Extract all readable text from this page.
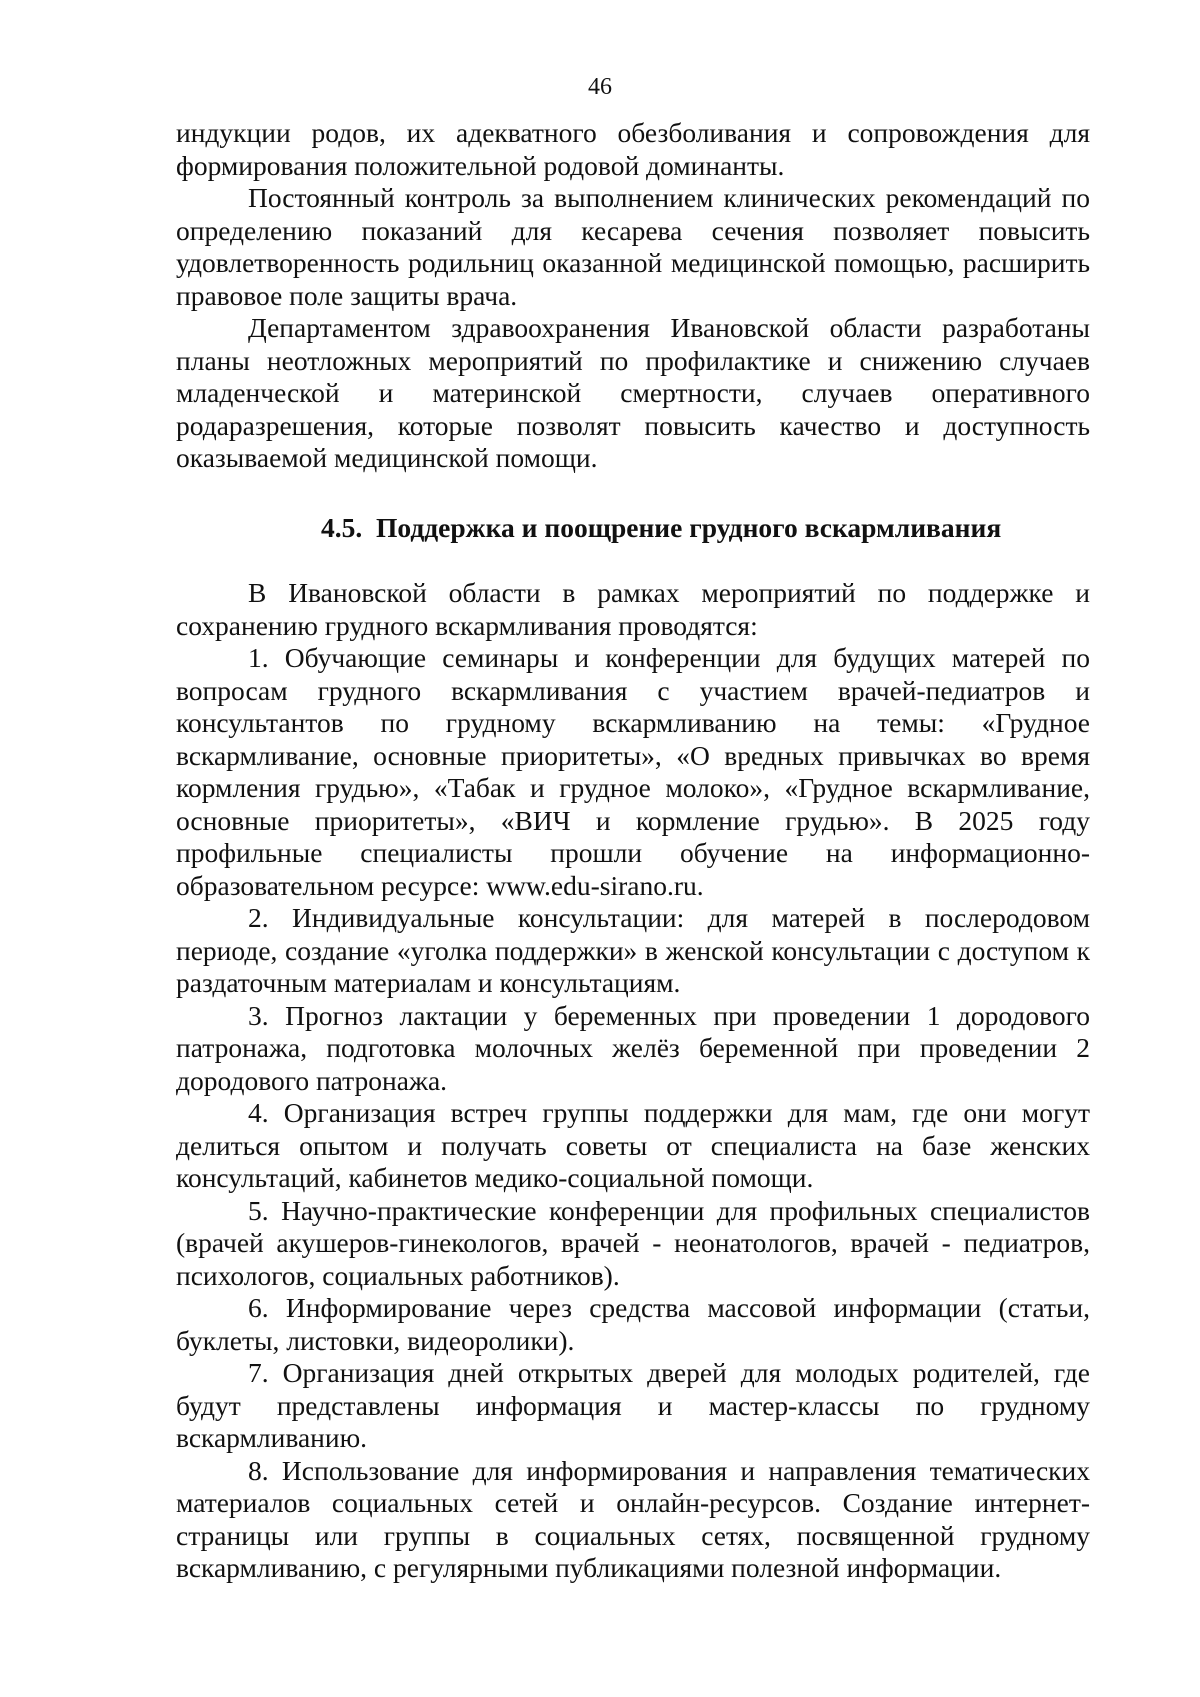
46

индукции родов, их адекватного обезболивания и сопровождения для формирования положительной родовой доминанты.

Постоянный контроль за выполнением клинических рекомендаций по определению показаний для кесарева сечения позволяет повысить удовлетворенность родильниц оказанной медицинской помощью, расширить правовое поле защиты врача.

Департаментом здравоохранения Ивановской области разработаны планы неотложных мероприятий по профилактике и снижению случаев младенческой и материнской смертности, случаев оперативного родаразрешения, которые позволят повысить качество и доступность оказываемой медицинской помощи.

4.5. Поддержка и поощрение грудного вскармливания

В Ивановской области в рамках мероприятий по поддержке и сохранению грудного вскармливания проводятся:

1. Обучающие семинары и конференции для будущих матерей по вопросам грудного вскармливания с участием врачей-педиатров и консультантов по грудному вскармливанию на темы: «Грудное вскармливание, основные приоритеты», «О вредных привычках во время кормления грудью», «Табак и грудное молоко», «Грудное вскармливание, основные приоритеты», «ВИЧ и кормление грудью». В 2025 году профильные специалисты прошли обучение на информационно-образовательном ресурсе: www.edu-sirano.ru.

2. Индивидуальные консультации: для матерей в послеродовом периоде, создание «уголка поддержки» в женской консультации с доступом к раздаточным материалам и консультациям.

3. Прогноз лактации у беременных при проведении 1 дородового патронажа, подготовка молочных желёз беременной при проведении 2 дородового патронажа.

4. Организация встреч группы поддержки для мам, где они могут делиться опытом и получать советы от специалиста на базе женских консультаций, кабинетов медико-социальной помощи.

5. Научно-практические конференции для профильных специалистов (врачей акушеров-гинекологов, врачей - неонатологов, врачей - педиатров, психологов, социальных работников).

6. Информирование через средства массовой информации (статьи, буклеты, листовки, видеоролики).

7. Организация дней открытых дверей для молодых родителей, где будут представлены информация и мастер-классы по грудному вскармливанию.

8. Использование для информирования и направления тематических материалов социальных сетей и онлайн-ресурсов. Создание интернет-страницы или группы в социальных сетях, посвященной грудному вскармливанию, с регулярными публикациями полезной информации.
